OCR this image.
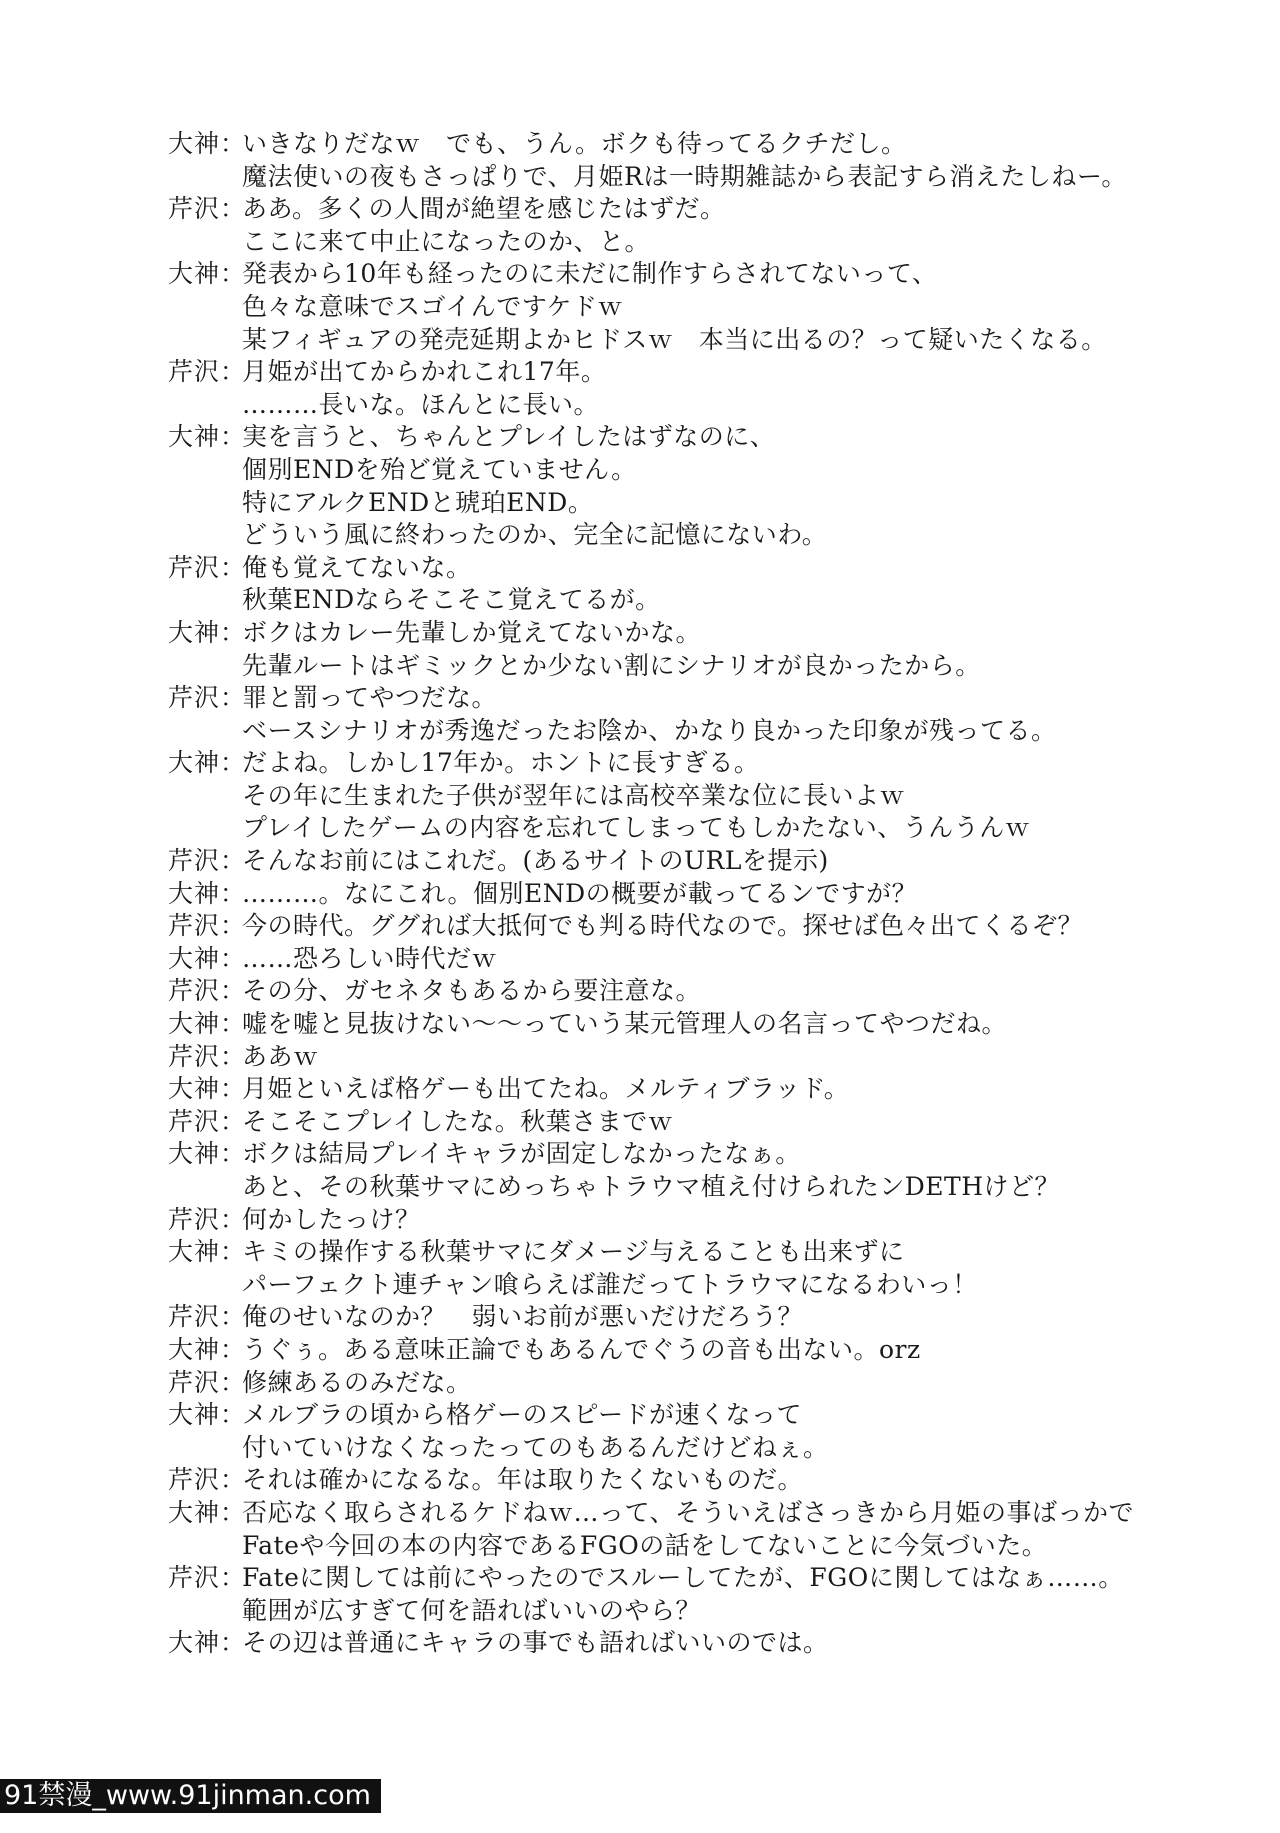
大神：
いきなりだなｗ　でも、うん。ボクも待ってるクチだし。
魔法使いの夜もさっぱりで、月姫Rは一時期雑誌から表記すら消えたしねー。
芹沢：
ああ。多くの人間が絶望を感じたはずだ。
ここに来て中止になったのか、と。
大神：
発表から10年も経ったのに未だに制作すらされてないって、
色々な意味でスゴイんですケドｗ
某フィギュアの発売延期よかヒドスｗ　本当に出るの？って疑いたくなる。
芹沢：
月姫が出てからかれこれ17年。
………長いな。ほんとに長い。
大神：
実を言うと、ちゃんとプレイしたはずなのに、
個別ENDを殆ど覚えていません。
特にアルクENDと琥珀END。
どういう風に終わったのか、完全に記憶にないわ。
芹沢：
俺も覚えてないな。
秋葉ENDならそこそこ覚えてるが。
大神：
ボクはカレー先輩しか覚えてないかな。
先輩ルートはギミックとか少ない割にシナリオが良かったから。
芹沢：
罪と罰ってやつだな。
ベースシナリオが秀逸だったお陰か、かなり良かった印象が残ってる。
大神：
だよね。しかし17年か。ホントに長すぎる。
その年に生まれた子供が翌年には高校卒業な位に長いよｗ
プレイしたゲームの内容を忘れてしまってもしかたない、うんうんｗ
芹沢：
そんなお前にはこれだ。(あるサイトのURLを提示)
大神：
………。なにこれ。個別ENDの概要が載ってるンですが？
芹沢：
今の時代。ググれば大抵何でも判る時代なので。探せば色々出てくるぞ？
大神：
……恐ろしい時代だｗ
芹沢：
その分、ガセネタもあるから要注意な。
大神：
嘘を嘘と見抜けない～～っていう某元管理人の名言ってやつだね。
芹沢：
ああｗ
大神：
月姫といえば格ゲーも出てたね。メルティブラッド。
芹沢：
そこそこプレイしたな。秋葉さまでｗ
大神：
ボクは結局プレイキャラが固定しなかったなぁ。
あと、その秋葉サマにめっちゃトラウマ植え付けられたンDETHけど？
芹沢：
何かしたっけ？
大神：
キミの操作する秋葉サマにダメージ与えることも出来ずに
パーフェクト連チャン喰らえば誰だってトラウマになるわいっ！
芹沢：
俺のせいなのか？　弱いお前が悪いだけだろう？
大神：
うぐぅ。ある意味正論でもあるんでぐうの音も出ない。orz
芹沢：
修練あるのみだな。
大神：
メルブラの頃から格ゲーのスピードが速くなって
付いていけなくなったってのもあるんだけどねぇ。
芹沢：
それは確かになるな。年は取りたくないものだ。
大神：
否応なく取らされるケドねｗ…って、そういえばさっきから月姫の事ばっかで
Fateや今回の本の内容であるFGOの話をしてないことに今気づいた。
芹沢：
Fateに関しては前にやったのでスルーしてたが、FGOに関してはなぁ……。
範囲が広すぎて何を語ればいいのやら？
大神：
その辺は普通にキャラの事でも語ればいいのでは。
91禁漫_www.91jinman.com
